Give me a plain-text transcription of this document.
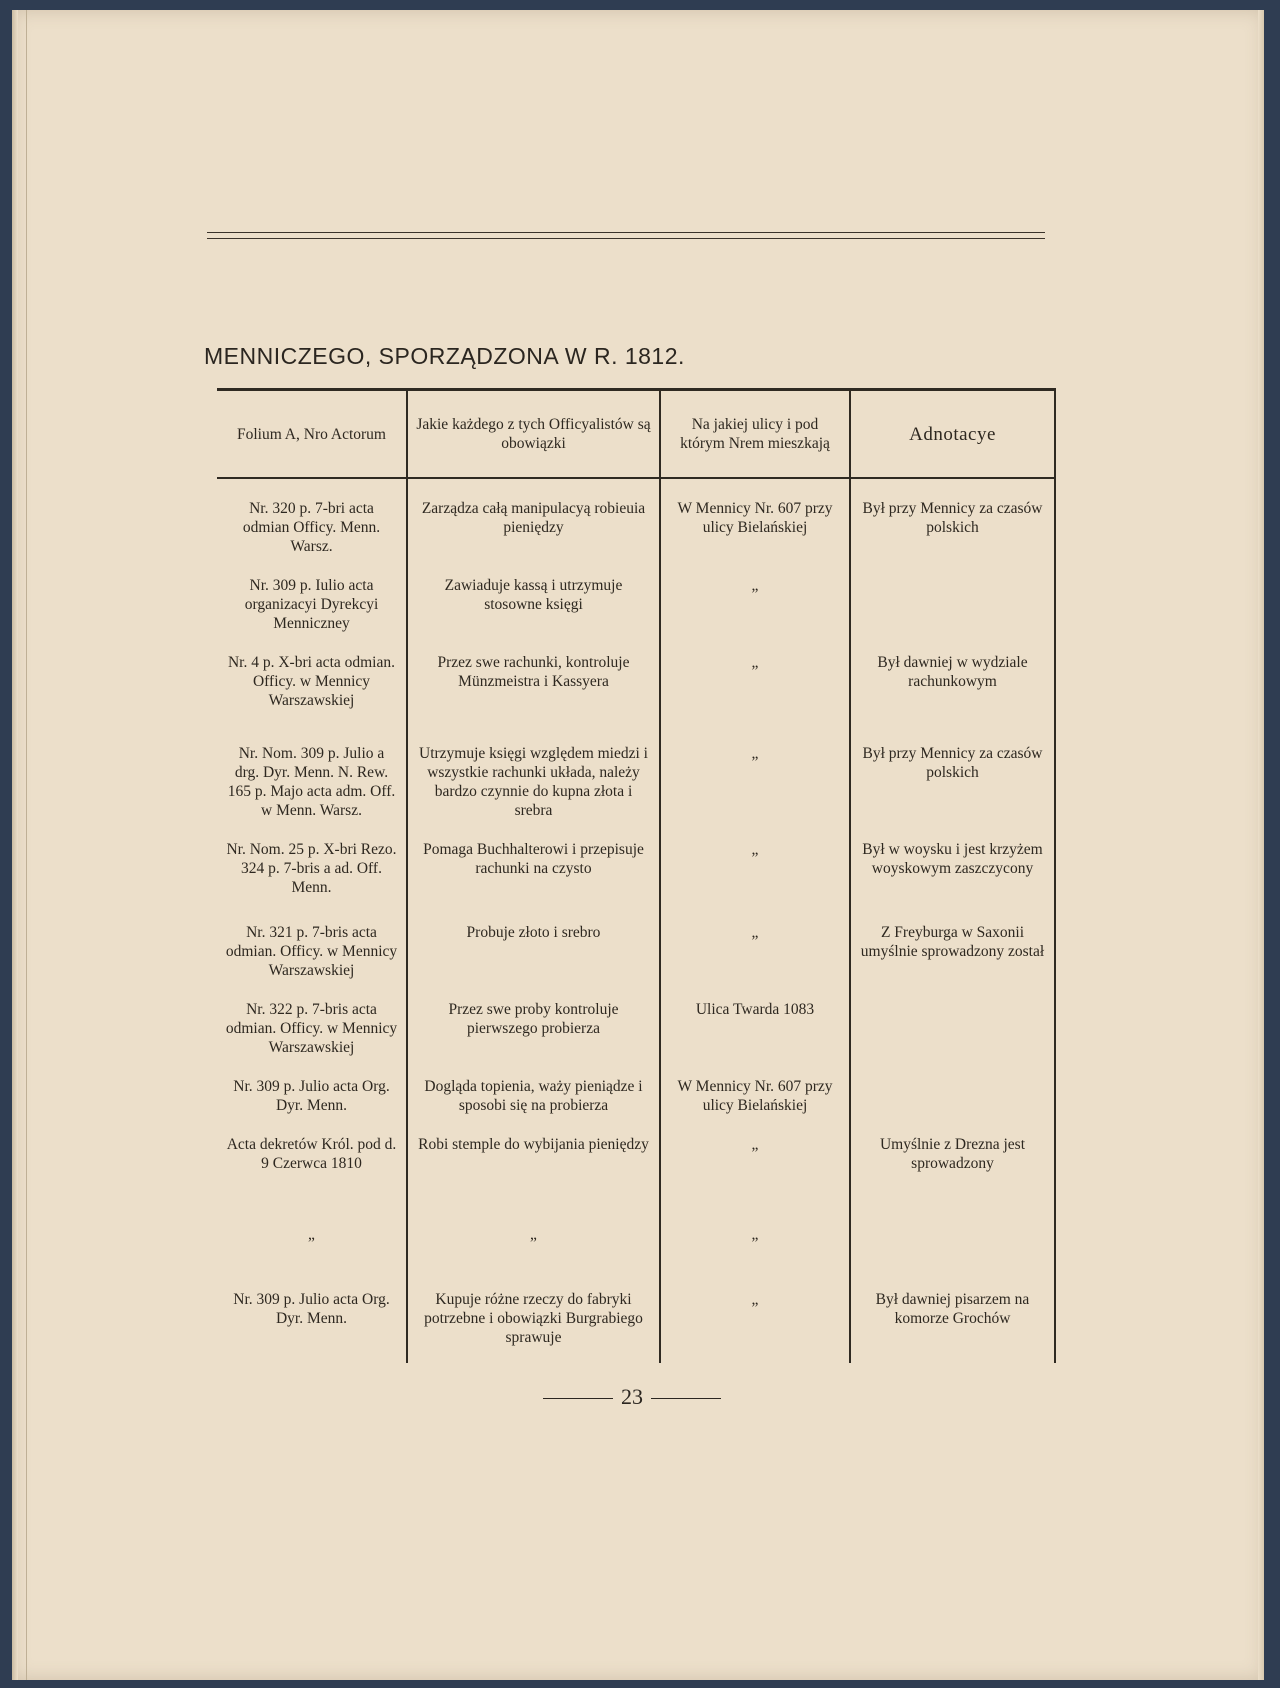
MENNICZEGO, SPORZĄDZONA W R. 1812.
Folium A, Nro Actorum	Jakie każdego z tych Officyalistów są obowiązki	Na jakiej ulicy i pod którym Nrem mieszkają	Adnotacye

Nr. 320 p. 7-bri acta odmian Officy. Menn. Warsz.	Zarządza całą manipulacyą robieuia pieniędzy	W Mennicy Nr. 607 przy ulicy Bielańskiej	Był przy Mennicy za czasów polskich

Nr. 309 p. Iulio acta organizacyi Dyrekcyi Menniczney	Zawiaduje kassą i utrzymuje stosowne księgi	„	

Nr. 4 p. X-bri acta odmian. Officy. w Mennicy Warszawskiej	Przez swe rachunki, kontroluje Münzmeistra i Kassyera	„	Był dawniej w wydziale rachunkowym

Nr. Nom. 309 p. Julio a drg. Dyr. Menn. N. Rew. 165 p. Majo acta adm. Off. w Menn. Warsz.	Utrzymuje księgi względem miedzi i wszystkie rachunki układa, należy bardzo czynnie do kupna złota i srebra	„	Był przy Mennicy za czasów polskich

Nr. Nom. 25 p. X-bri Rezo. 324 p. 7-bris a ad. Off. Menn.	Pomaga Buchhalterowi i przepisuje rachunki na czysto	„	Był w woysku i jest krzyżem woyskowym zaszczycony

Nr. 321 p. 7-bris acta odmian. Officy. w Mennicy Warszawskiej	Probuje złoto i srebro	„	Z Freyburga w Saxonii umyślnie sprowadzony został

Nr. 322 p. 7-bris acta odmian. Officy. w Mennicy Warszawskiej	Przez swe proby kontroluje pierwszego probierza	Ulica Twarda 1083	

Nr. 309 p. Julio acta Org. Dyr. Menn.	Dogląda topienia, waży pieniądze i sposobi się na probierza	W Mennicy Nr. 607 przy ulicy Bielańskiej	

Acta dekretów Król. pod d. 9 Czerwca 1810	Robi stemple do wybijania pieniędzy	„	Umyślnie z Drezna jest sprowadzony

„	„	„	

Nr. 309 p. Julio acta Org. Dyr. Menn.	Kupuje różne rzeczy do fabryki potrzebne i obowiązki Burgrabiego sprawuje	„	Był dawniej pisarzem na komorze Grochów
23
